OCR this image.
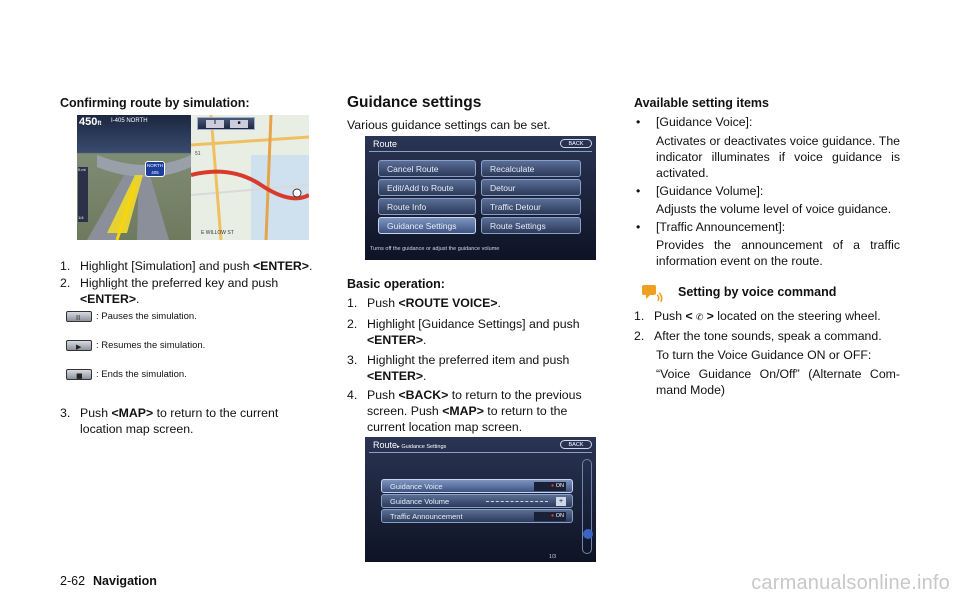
Confirming route by simulation:
450ft I-405 NORTH
NORTH
405
0.mi
1/4
51
E WILLOW ST
II	■
1. Highlight [Simulation] and push <ENTER>.
2. Highlight the preferred key and push
<ENTER>.
II : Pauses the simulation.
▶ : Resumes the simulation.
■ : Ends the simulation.
3. Push <MAP> to return to the current
location map screen.
Guidance settings
Various guidance settings can be set.
Route	BACK
Cancel Route
Edit/Add to Route
Route Info
Guidance Settings
Recalculate
Detour
Traffic Detour
Route Settings
Turns off the guidance or adjust the guidance volume
Basic operation:
1. Push <ROUTE VOICE>.
2. Highlight [Guidance Settings] and push
<ENTER>.
3. Highlight the preferred item and push
<ENTER>.
4. Push <BACK> to return to the previous
screen. Push <MAP> to return to the
current location map screen.
Route▸ Guidance Settings	BACK
Guidance Voice	● ON
Guidance Volume	+
Traffic Announcement	● ON
1/3
Available setting items
• [Guidance Voice]:
Activates or deactivates voice guidance. The
indicator illuminates if voice guidance is
activated.
• [Guidance Volume]:
Adjusts the volume level of voice guidance.
• [Traffic Announcement]:
Provides the announcement of a traffic
information event on the route.
Setting by voice command
1. Push < ✆ > located on the steering wheel.
2. After the tone sounds, speak a command.
To turn the Voice Guidance ON or OFF:
“Voice Guidance On/Off” (Alternate Com-
mand Mode)
2-62 Navigation	carmanualsonline.info
